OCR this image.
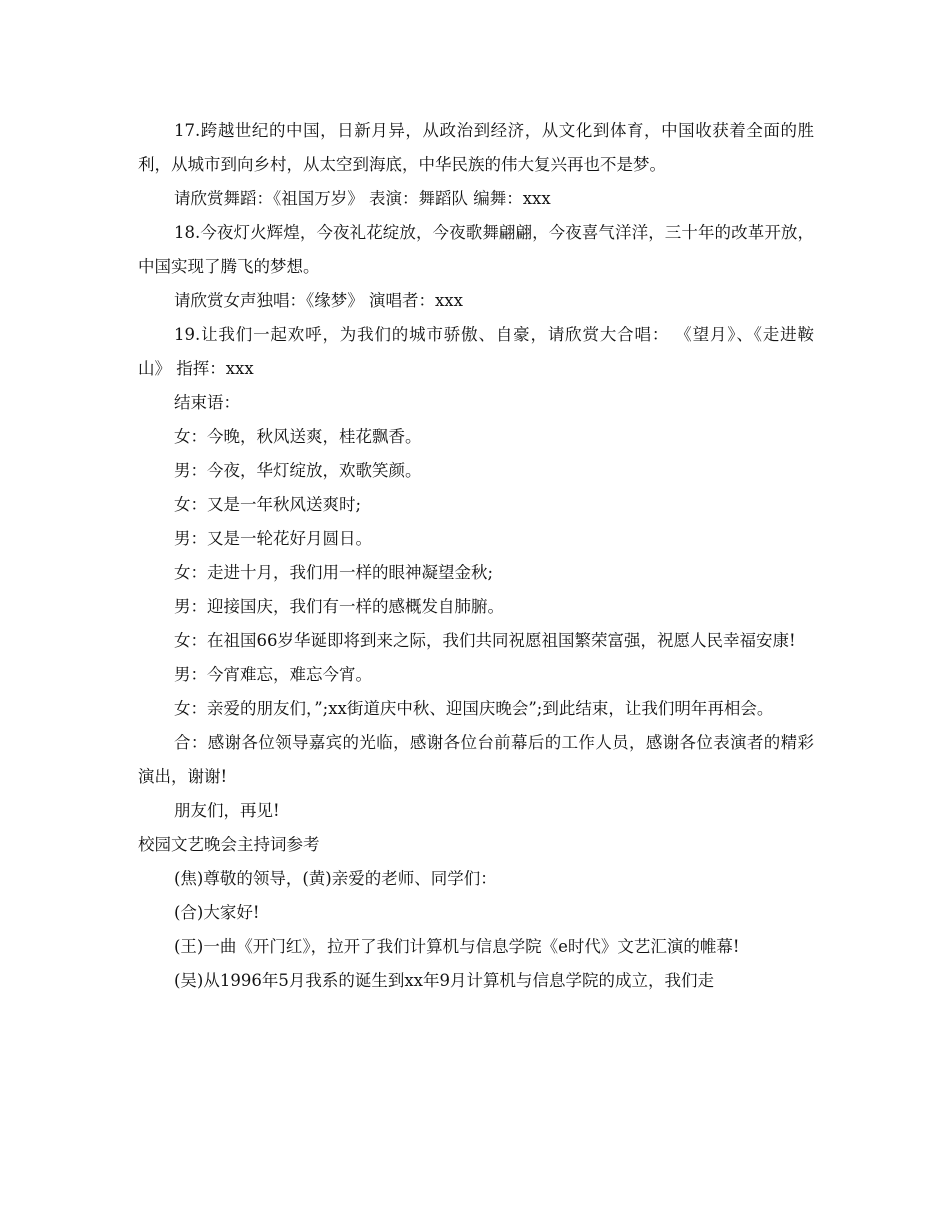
17.跨越世纪的中国，日新月异，从政治到经济，从文化到体育，中国收获着全面的胜利，从城市到向乡村，从太空到海底，中华民族的伟大复兴再也不是梦。

请欣赏舞蹈：《祖国万岁》 表演：舞蹈队 编舞：xxx

18.今夜灯火辉煌，今夜礼花绽放，今夜歌舞翩翩，今夜喜气洋洋，三十年的改革开放，中国实现了腾飞的梦想。

请欣赏女声独唱：《缘梦》 演唱者：xxx

19.让我们一起欢呼，为我们的城市骄傲、自豪，请欣赏大合唱： 《望月》、《走进鞍山》 指挥：xxx

结束语：

女：今晚，秋风送爽，桂花飘香。

男：今夜，华灯绽放，欢歌笑颜。

女：又是一年秋风送爽时;

男：又是一轮花好月圆日。

女：走进十月，我们用一样的眼神凝望金秋;

男：迎接国庆，我们有一样的感概发自肺腑。

女：在祖国66岁华诞即将到来之际，我们共同祝愿祖国繁荣富强，祝愿人民幸福安康!

男：今宵难忘，难忘今宵。

女：亲爱的朋友们，”;xx街道庆中秋、迎国庆晚会”;到此结束，让我们明年再相会。

合：感谢各位领导嘉宾的光临，感谢各位台前幕后的工作人员，感谢各位表演者的精彩演出，谢谢!

朋友们，再见!

校园文艺晚会主持词参考

(焦)尊敬的领导，(黄)亲爱的老师、同学们：

(合)大家好!

(王)一曲《开门红》，拉开了我们计算机与信息学院《e时代》文艺汇演的帷幕!

(吴)从1996年5月我系的诞生到xx年9月计算机与信息学院的成立，我们走
